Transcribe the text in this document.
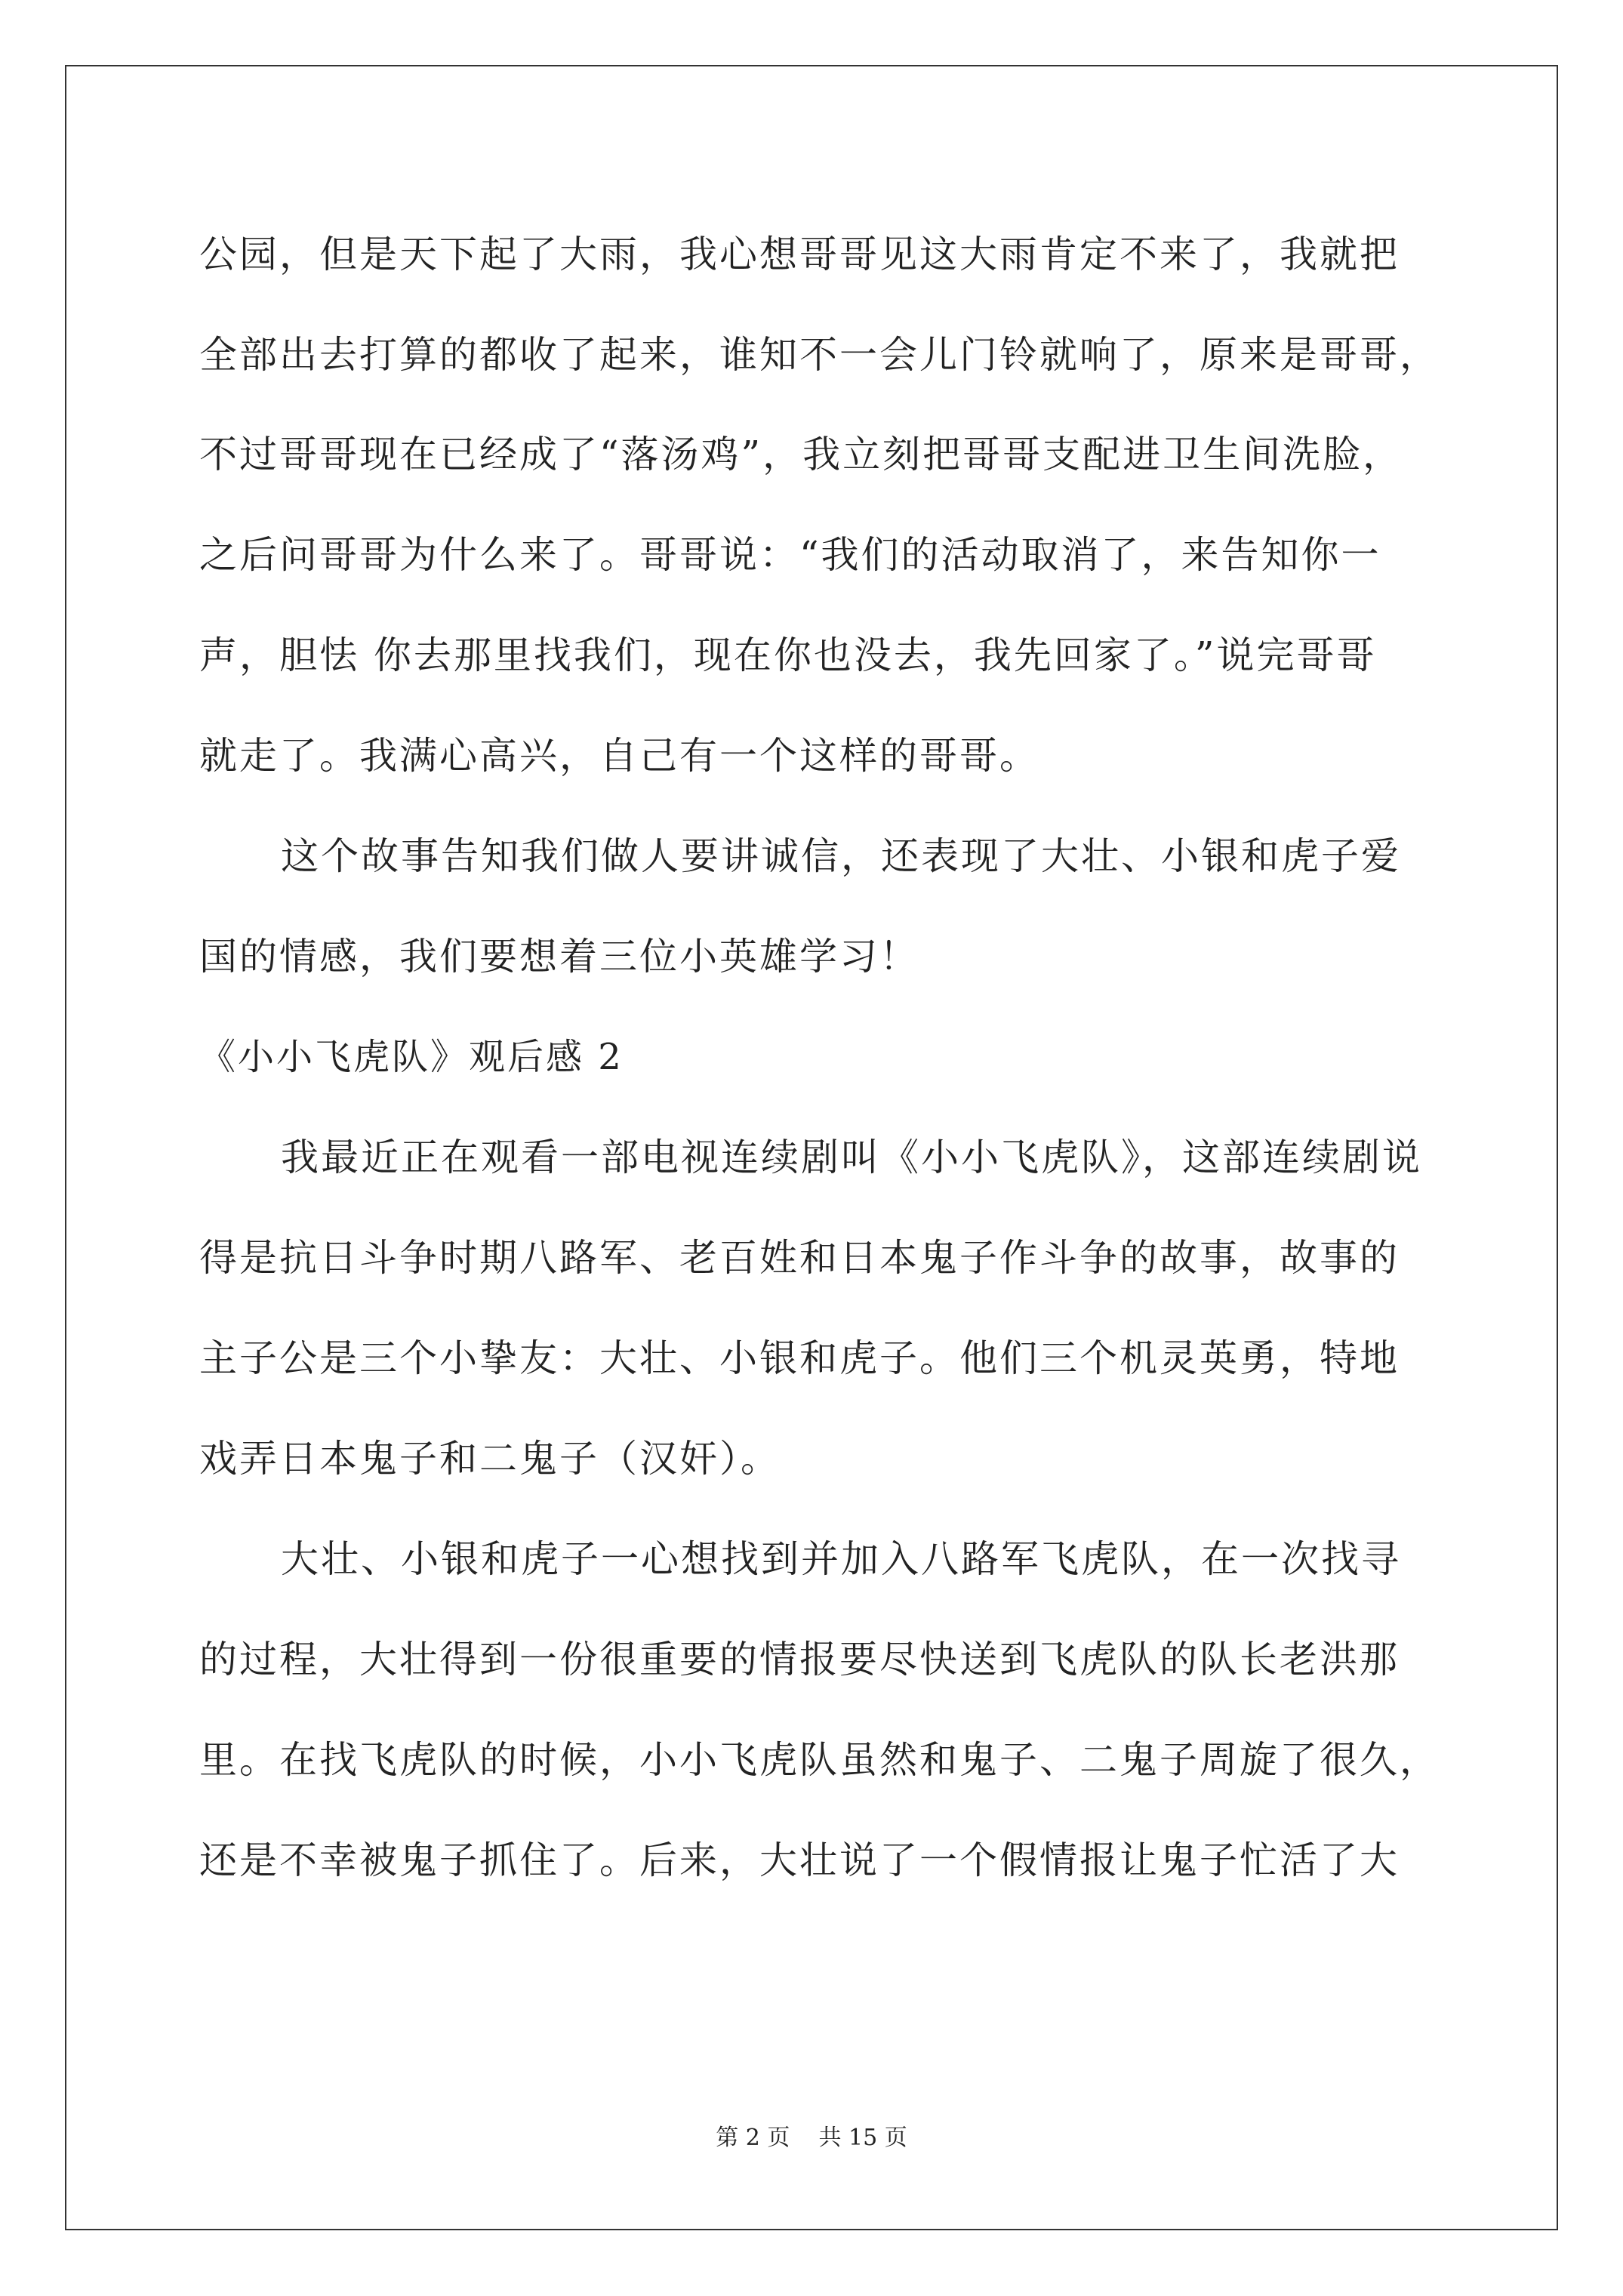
公园，但是天下起了大雨，我心想哥哥见这大雨肯定不来了，我就把
全部出去打算的都收了起来，谁知不一会儿门铃就响了，原来是哥哥，
不过哥哥现在已经成了“落汤鸡”，我立刻把哥哥支配进卫生间洗脸，
之后问哥哥为什么来了。哥哥说：“我们的活动取消了，来告知你一
声，胆怯 你去那里找我们，现在你也没去，我先回家了。”说完哥哥
就走了。我满心高兴，自己有一个这样的哥哥。
这个故事告知我们做人要讲诚信，还表现了大壮、小银和虎子爱
国的情感，我们要想着三位小英雄学习！
《小小飞虎队》观后感 2
我最近正在观看一部电视连续剧叫《小小飞虎队》，这部连续剧说
得是抗日斗争时期八路军、老百姓和日本鬼子作斗争的故事，故事的
主子公是三个小挚友：大壮、小银和虎子。他们三个机灵英勇，特地
戏弄日本鬼子和二鬼子（汉奸）。
大壮、小银和虎子一心想找到并加入八路军飞虎队，在一次找寻
的过程，大壮得到一份很重要的情报要尽快送到飞虎队的队长老洪那
里。在找飞虎队的时候，小小飞虎队虽然和鬼子、二鬼子周旋了很久，
还是不幸被鬼子抓住了。后来，大壮说了一个假情报让鬼子忙活了大
第 2 页    共 15 页
